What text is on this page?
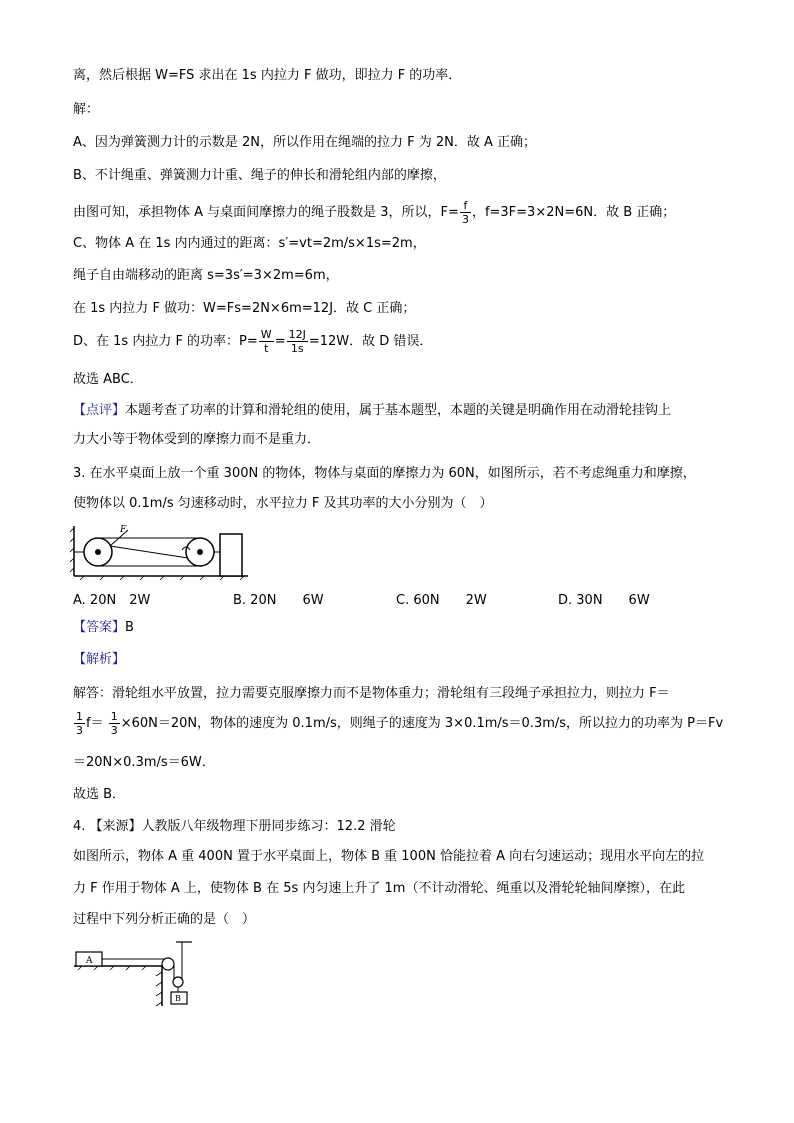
离，然后根据 W=FS 求出在 1s 内拉力 F 做功，即拉力 F 的功率．
解：
A、因为弹簧测力计的示数是 2N，所以作用在绳端的拉力 F 为 2N．故 A 正确；
B、不计绳重、弹簧测力计重、绳子的伸长和滑轮组内部的摩擦，
由图可知，承担物体 A 与桌面间摩擦力的绳子股数是 3，所以，$F= \frac{f}{3}$ ，f=3F=3×2N=6N．故 B 正确；
C、物体 A 在 1s 内内通过的距离：s′=vt=2m/s×1s=2m，
绳子自由端移动的距离 s=3s′=3×2m=6m，
在 1s 内拉力 F 做功：W=Fs=2N×6m=12J．故 C 正确；
D、在 1s 内拉力 F 的功率：$P= \frac{W}{t} = \frac{12J}{1s} =12W$．故 D 错误．
故选 ABC．
【点评】本题考查了功率的计算和滑轮组的使用，属于基本题型，本题的关键是明确作用在动滑轮挂钩上
力大小等于物体受到的摩擦力而不是重力．
3. 在水平桌面上放一个重 300N 的物体，物体与桌面的摩擦力为 60N，如图所示，若不考虑绳重力和摩擦，
使物体以 0.1m/s 匀速移动时，水平拉力 F 及其功率的大小分别为（　）
F
A. 20N　2W	B. 20N　　6W	C. 60N　　2W	D. 30N　　6W
【答案】B
【解析】
解答：滑轮组水平放置，拉力需要克服摩擦力而不是物体重力；滑轮组有三段绳子承担拉力，则拉力 F＝
$\frac{1}{3} f= \frac{1}{3} \times 60N=20N$，物体的速度为 0.1m/s，则绳子的速度为 3×0.1m/s＝0.3m/s，所以拉力的功率为 P＝Fv
＝20N×0.3m/s＝6W．
故选 B．
4. 【来源】人教版八年级物理下册同步练习：12.2 滑轮
如图所示，物体 A 重 400N 置于水平桌面上，物体 B 重 100N 恰能拉着 A 向右匀速运动；现用水平向左的拉
力 F 作用于物体 A 上，使物体 B 在 5s 内匀速上升了 1m（不计动滑轮、绳重以及滑轮轮轴间摩擦），在此
过程中下列分析正确的是（　）
A
B
